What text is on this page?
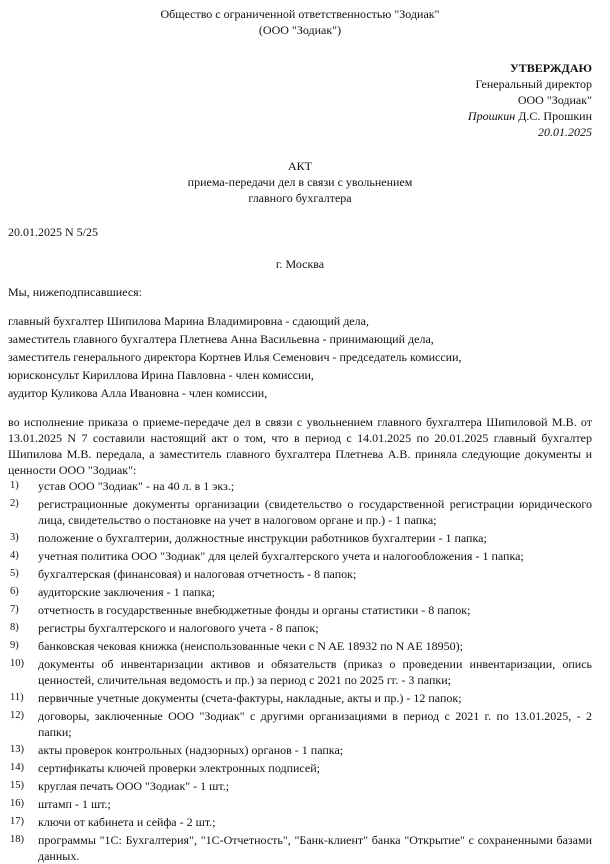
Общество с ограниченной ответственностью "Зодиак"
(ООО "Зодиак")
УТВЕРЖДАЮ
Генеральный директор
ООО "Зодиак"
Прошкин Д.С. Прошкин
20.01.2025
АКТ
приема-передачи дел в связи с увольнением
главного бухгалтера
20.01.2025 N 5/25
г. Москва
Мы, нижеподписавшиеся:
главный бухгалтер Шипилова Марина Владимировна - сдающий дела,
заместитель главного бухгалтера Плетнева Анна Васильевна - принимающий дела,
заместитель генерального директора Кортнев Илья Семенович - председатель комиссии,
юрисконсульт Кириллова Ирина Павловна - член комиссии,
аудитор Куликова Алла Ивановна - член комиссии,
во исполнение приказа о приеме-передаче дел в связи с увольнением главного бухгалтера Шипиловой М.В. от 13.01.2025 N 7 составили настоящий акт о том, что в период с 14.01.2025 по 20.01.2025 главный бухгалтер Шипилова М.В. передала, а заместитель главного бухгалтера Плетнева А.В. приняла следующие документы и ценности ООО "Зодиак":
1)	устав ООО "Зодиак" - на 40 л. в 1 экз.;
2)	регистрационные документы организации (свидетельство о государственной регистрации юридического лица, свидетельство о постановке на учет в налоговом органе и пр.) - 1 папка;
3)	положение о бухгалтерии, должностные инструкции работников бухгалтерии - 1 папка;
4)	учетная политика ООО "Зодиак" для целей бухгалтерского учета и налогообложения - 1 папка;
5)	бухгалтерская (финансовая) и налоговая отчетность - 8 папок;
6)	аудиторские заключения - 1 папка;
7)	отчетность в государственные внебюджетные фонды и органы статистики - 8 папок;
8)	регистры бухгалтерского и налогового учета - 8 папок;
9)	банковская чековая книжка (неиспользованные чеки с N AE 18932 по N AE 18950);
10)	документы об инвентаризации активов и обязательств (приказ о проведении инвентаризации, опись ценностей, сличительная ведомость и пр.) за период с 2021 по 2025 гг. - 3 папки;
11)	первичные учетные документы (счета-фактуры, накладные, акты и пр.) - 12 папок;
12)	договоры, заключенные ООО "Зодиак" с другими организациями в период с 2021 г. по 13.01.2025, - 2 папки;
13)	акты проверок контрольных (надзорных) органов - 1 папка;
14)	сертификаты ключей проверки электронных подписей;
15)	круглая печать ООО "Зодиак" - 1 шт.;
16)	штамп - 1 шт.;
17)	ключи от кабинета и сейфа - 2 шт.;
18)	программы "1С: Бухгалтерия", "1С-Отчетность", "Банк-клиент" банка "Открытие" с сохраненными базами данных.
